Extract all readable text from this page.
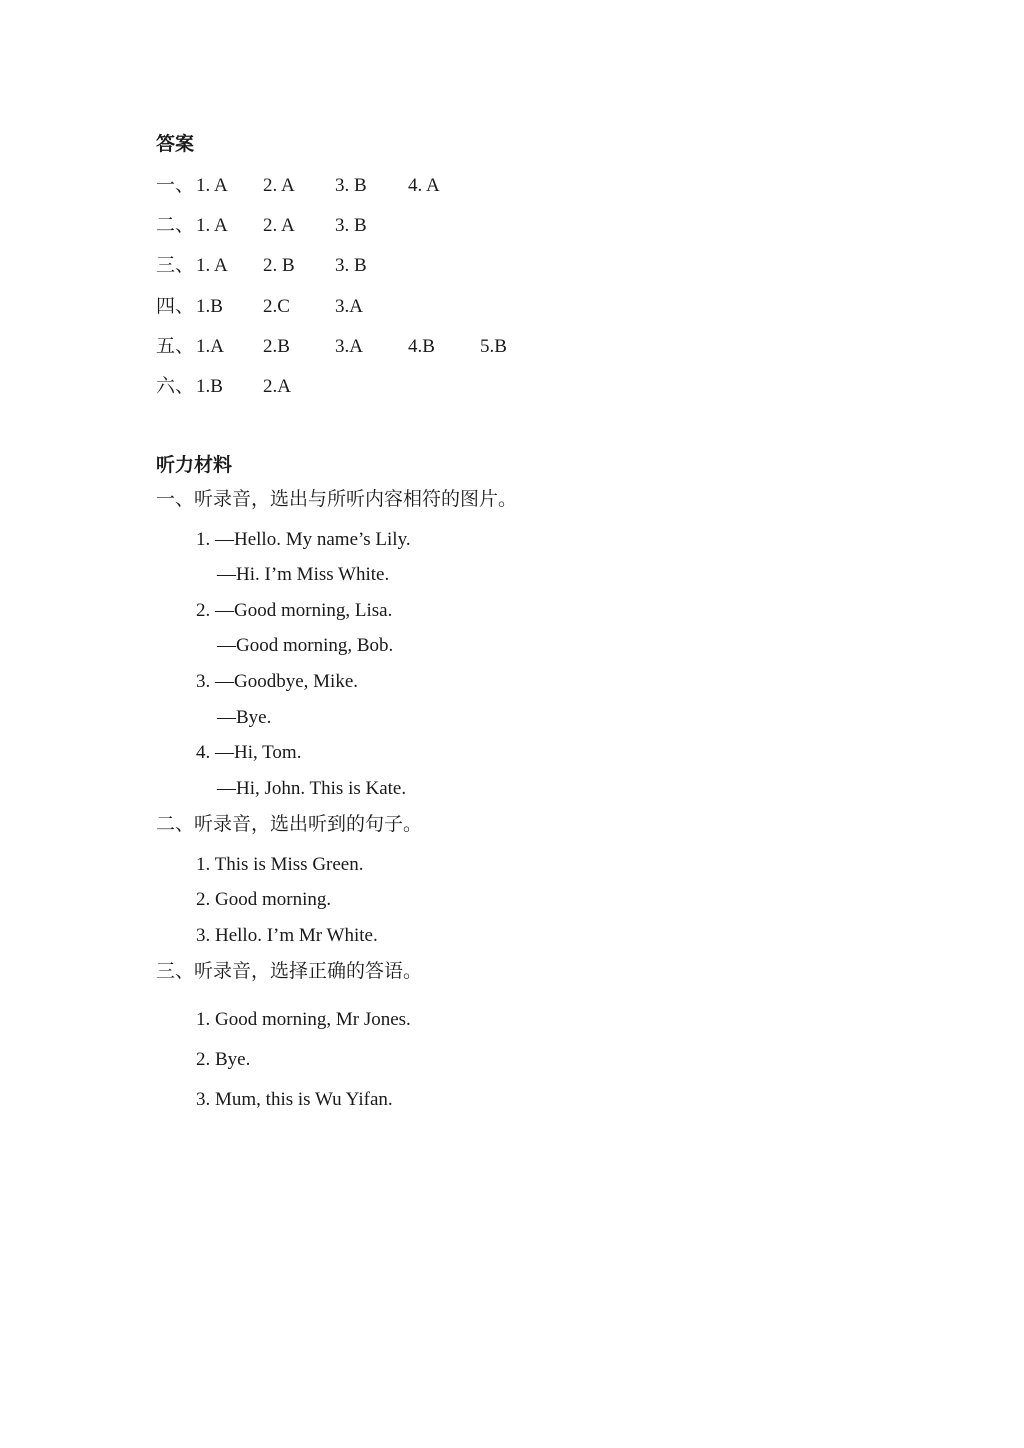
答案
一、 1. A 2. A 3. B 4. A
二、 1. A 2. A 3. B
三、 1. A 2. B 3. B
四、 1.B 2.C 3.A
五、 1.A 2.B 3.A 4.B 5.B
六、 1.B 2.A
听力材料
一、听录音，选出与所听内容相符的图片。
1. —Hello. My name’s Lily.
—Hi. I’m Miss White.
2. —Good morning, Lisa.
—Good morning, Bob.
3. —Goodbye, Mike.
—Bye.
4. —Hi, Tom.
—Hi, John. This is Kate.
二、听录音，选出听到的句子。
1. This is Miss Green.
2. Good morning.
3. Hello. I’m Mr White.
三、听录音，选择正确的答语。
1. Good morning, Mr Jones.
2. Bye.
3. Mum, this is Wu Yifan.
